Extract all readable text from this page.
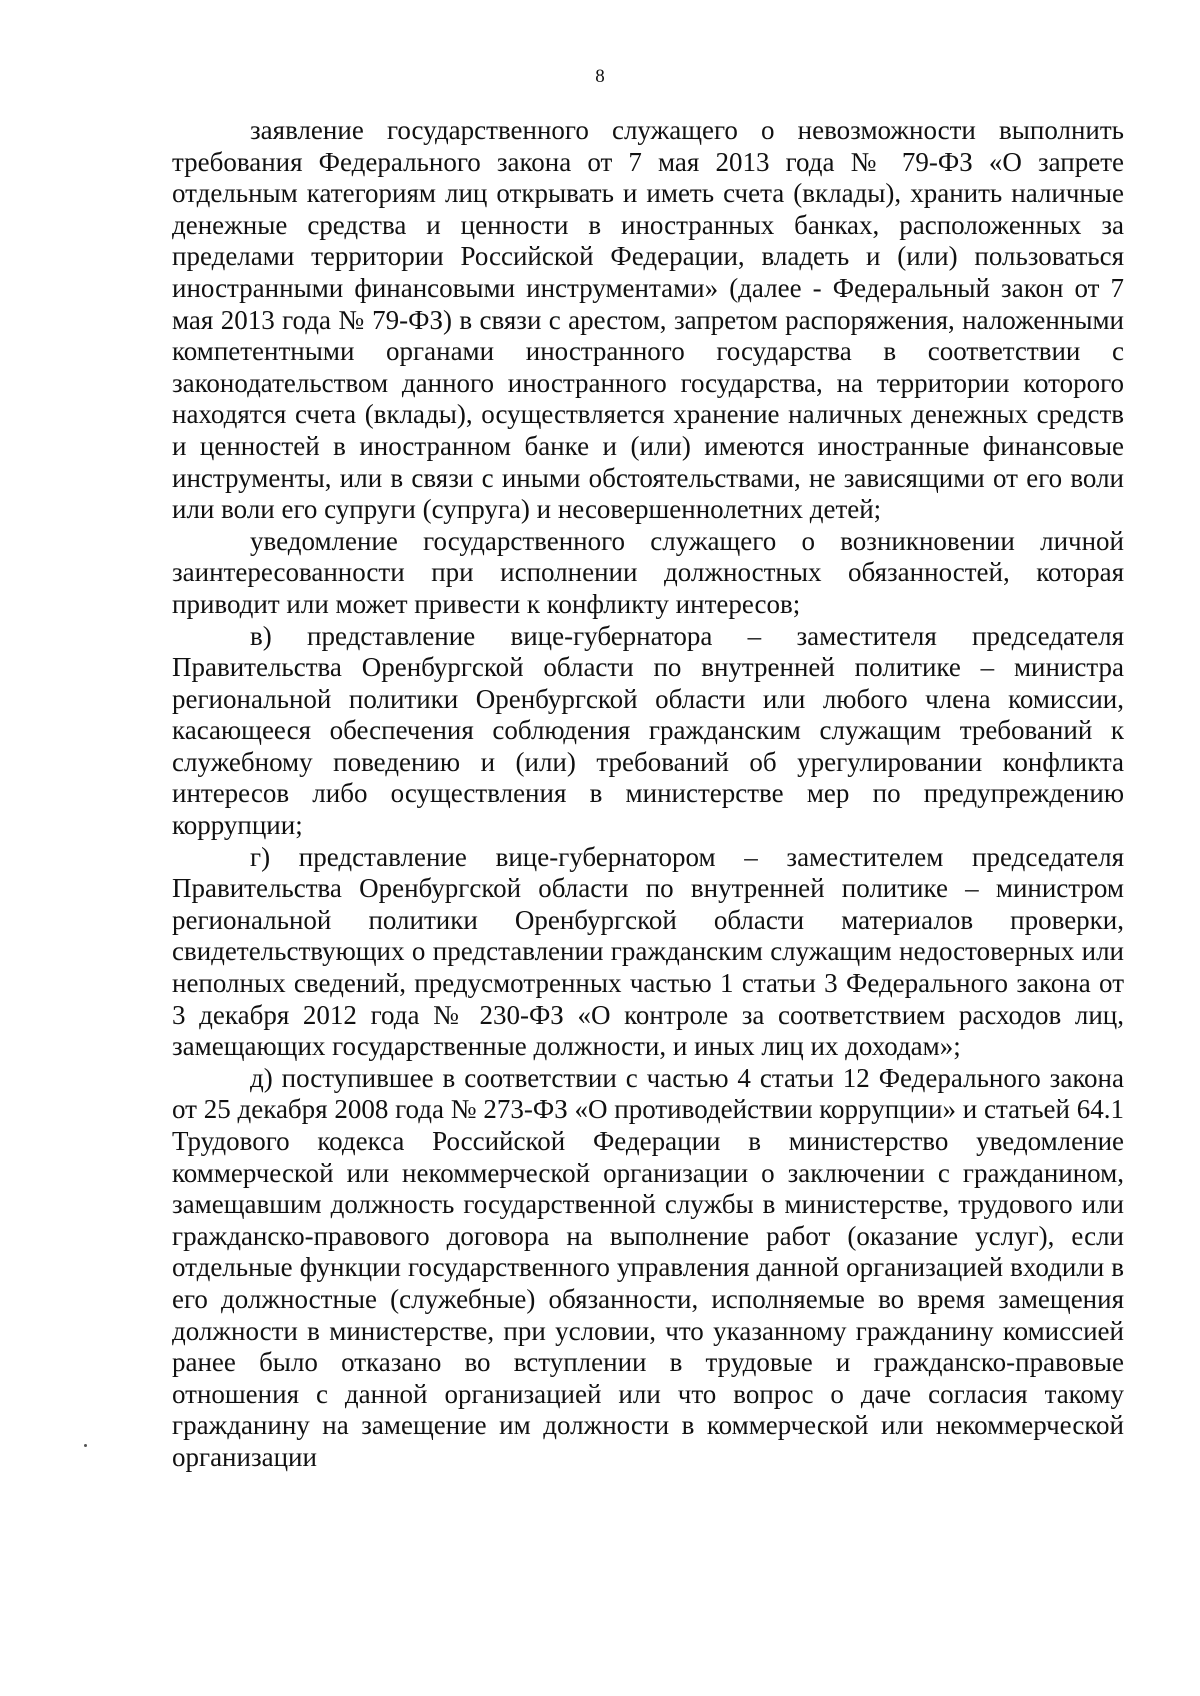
8

заявление государственного служащего о невозможности выполнить требования Федерального закона от 7 мая 2013 года № 79-ФЗ «О запрете отдельным категориям лиц открывать и иметь счета (вклады), хранить наличные денежные средства и ценности в иностранных банках, расположенных за пределами территории Российской Федерации, владеть и (или) пользоваться иностранными финансовыми инструментами» (далее - Федеральный закон от 7 мая 2013 года № 79-ФЗ) в связи с арестом, запретом распоряжения, наложенными компетентными органами иностранного государства в соответствии с законодательством данного иностранного государства, на территории которого находятся счета (вклады), осуществляется хранение наличных денежных средств и ценностей в иностранном банке и (или) имеются иностранные финансовые инструменты, или в связи с иными обстоятельствами, не зависящими от его воли или воли его супруги (супруга) и несовершеннолетних детей;

уведомление государственного служащего о возникновении личной заинтересованности при исполнении должностных обязанностей, которая приводит или может привести к конфликту интересов;

в) представление вице-губернатора – заместителя председателя Правительства Оренбургской области по внутренней политике – министра региональной политики Оренбургской области или любого члена комиссии, касающееся обеспечения соблюдения гражданским служащим требований к служебному поведению и (или) требований об урегулировании конфликта интересов либо осуществления в министерстве мер по предупреждению коррупции;

г) представление вице-губернатором – заместителем председателя Правительства Оренбургской области по внутренней политике – министром региональной политики Оренбургской области материалов проверки, свидетельствующих о представлении гражданским служащим недостоверных или неполных сведений, предусмотренных частью 1 статьи 3 Федерального закона от 3 декабря 2012 года № 230-ФЗ «О контроле за соответствием расходов лиц, замещающих государственные должности, и иных лиц их доходам»;

д) поступившее в соответствии с частью 4 статьи 12 Федерального закона от 25 декабря 2008 года № 273-ФЗ «О противодействии коррупции» и статьей 64.1 Трудового кодекса Российской Федерации в министерство уведомление коммерческой или некоммерческой организации о заключении с гражданином, замещавшим должность государственной службы в министерстве, трудового или гражданско-правового договора на выполнение работ (оказание услуг), если отдельные функции государственного управления данной организацией входили в его должностные (служебные) обязанности, исполняемые во время замещения должности в министерстве, при условии, что указанному гражданину комиссией ранее было отказано во вступлении в трудовые и гражданско-правовые отношения с данной организацией или что вопрос о даче согласия такому гражданину на замещение им должности в коммерческой или некоммерческой организации
